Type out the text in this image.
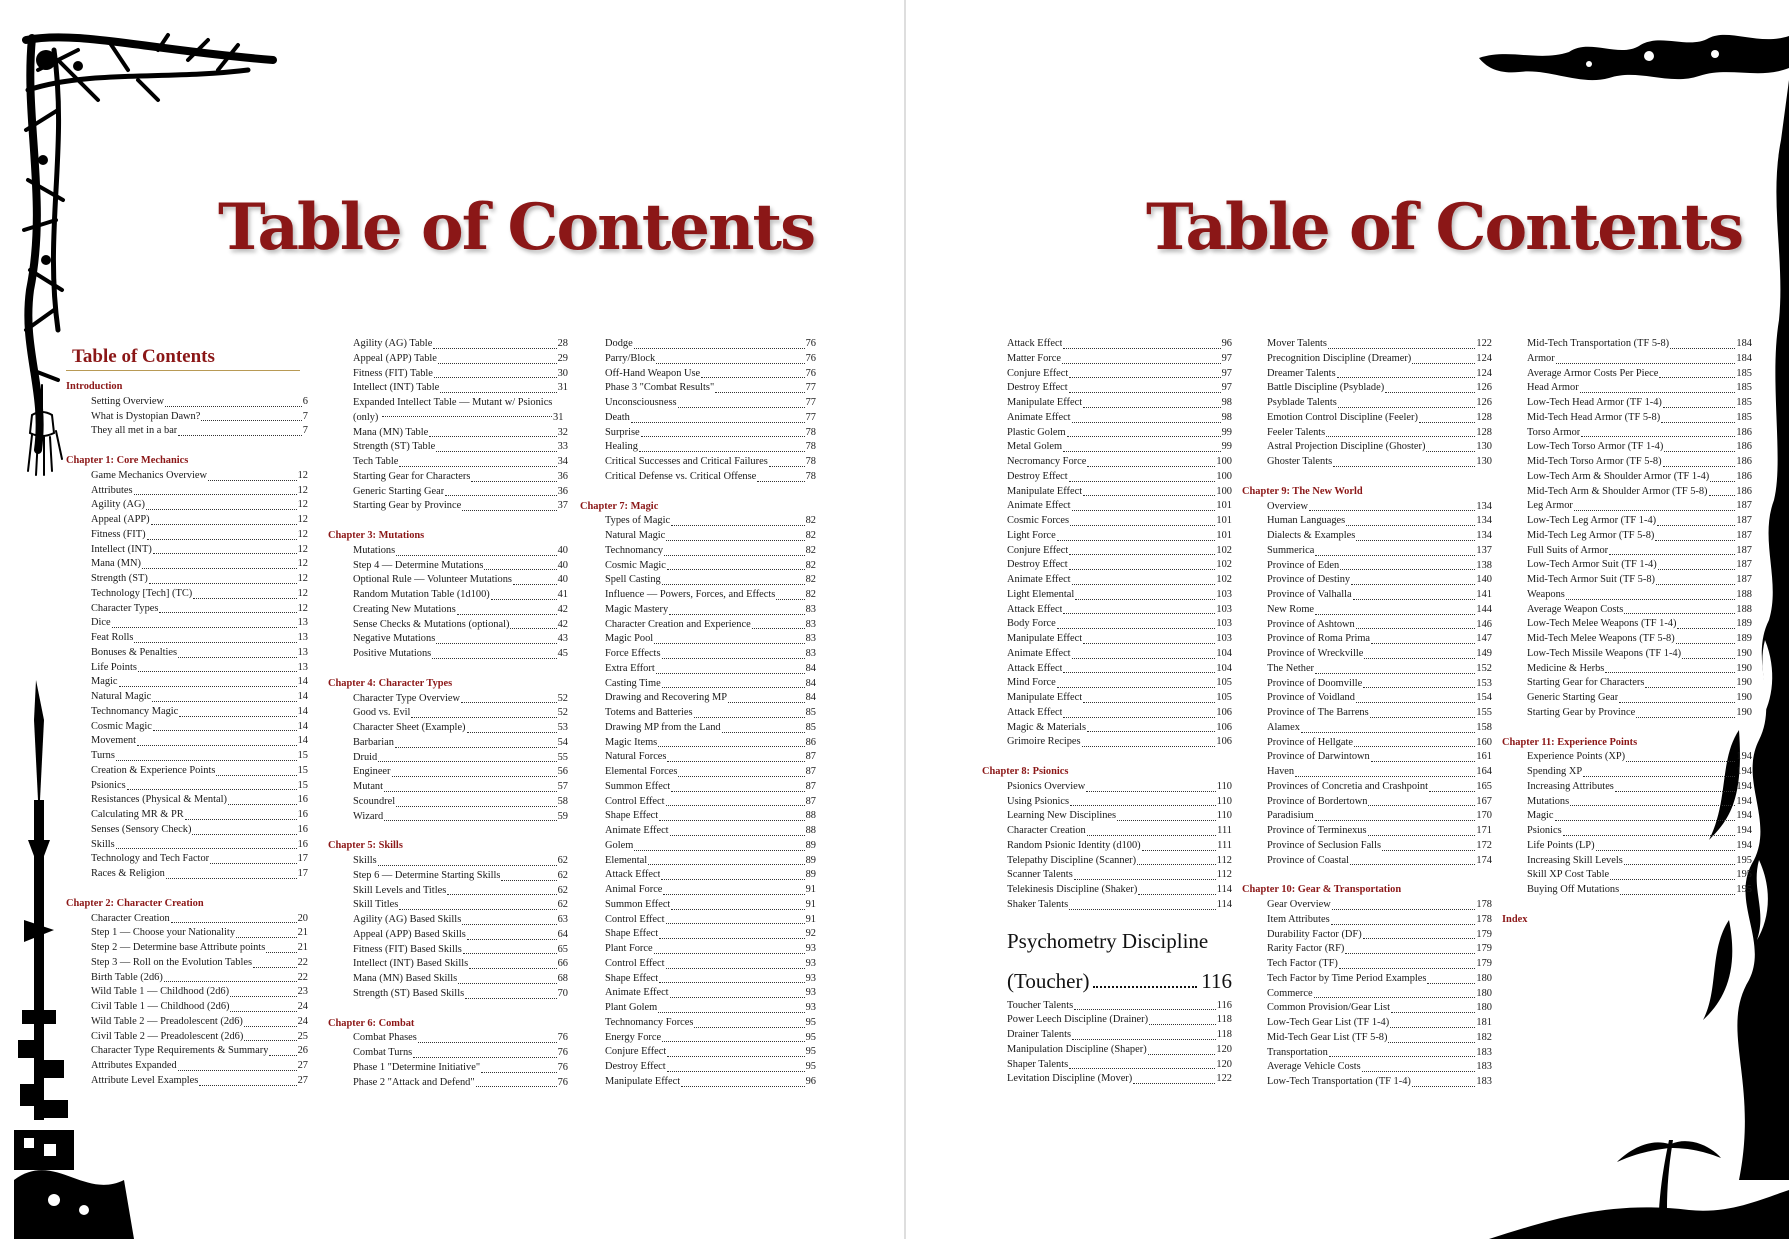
Table of Contents
Table of Contents
Introduction
Setting Overview	6
What is Dystopian Dawn?	7
They all met in a bar	7
Chapter 1: Core Mechanics
Game Mechanics Overview	12
Attributes	12
Agility (AG)	12
Appeal (APP)	12
Fitness (FIT)	12
Intellect (INT)	12
Mana (MN)	12
Strength (ST)	12
Technology [Tech] (TC)	12
Character Types	12
Dice	13
Feat Rolls	13
Bonuses & Penalties	13
Life Points	13
Magic	14
Natural Magic	14
Technomancy Magic	14
Cosmic Magic	14
Movement	14
Turns	15
Creation & Experience Points	15
Psionics	15
Resistances (Physical & Mental)	16
Calculating MR & PR	16
Senses (Sensory Check)	16
Skills	16
Technology and Tech Factor	17
Races & Religion	17
Chapter 2: Character Creation
Character Creation	20
Step 1 — Choose your Nationality	21
Step 2 — Determine base Attribute points	21
Step 3 — Roll on the Evolution Tables	22
Birth Table (2d6)	22
Wild Table 1 — Childhood (2d6)	23
Civil Table 1 — Childhood (2d6)	24
Wild Table 2 — Preadolescent (2d6)	24
Civil Table 2 — Preadolescent (2d6)	25
Character Type Requirements & Summary	26
Attributes Expanded	27
Attribute Level Examples	27
Agility (AG) Table	28
Appeal (APP) Table	29
Fitness (FIT) Table	30
Intellect (INT) Table	31
Expanded Intellect Table — Mutant w/ Psionics (only)	31
Mana (MN) Table	32
Strength (ST) Table	33
Tech Table	34
Starting Gear for Characters	36
Generic Starting Gear	36
Starting Gear by Province	37
Chapter 3: Mutations
Mutations	40
Step 4 — Determine Mutations	40
Optional Rule — Volunteer Mutations	40
Random Mutation Table (1d100)	41
Creating New Mutations	42
Sense Checks & Mutations (optional)	42
Negative Mutations	43
Positive Mutations	45
Chapter 4: Character Types
Character Type Overview	52
Good vs. Evil	52
Character Sheet (Example)	53
Barbarian	54
Druid	55
Engineer	56
Mutant	57
Scoundrel	58
Wizard	59
Chapter 5: Skills
Skills	62
Step 6 — Determine Starting Skills	62
Skill Levels and Titles	62
Skill Titles	62
Agility (AG) Based Skills	63
Appeal (APP) Based Skills	64
Fitness (FIT) Based Skills	65
Intellect (INT) Based Skills	66
Mana (MN) Based Skills	68
Strength (ST) Based Skills	70
Chapter 6: Combat
Combat Phases	76
Combat Turns	76
Phase 1 "Determine Initiative"	76
Phase 2 "Attack and Defend"	76
Dodge	76
Parry/Block	76
Off-Hand Weapon Use	76
Phase 3 "Combat Results"	77
Unconsciousness	77
Death	77
Surprise	78
Healing	78
Critical Successes and Critical Failures	78
Critical Defense vs. Critical Offense	78
Chapter 7: Magic
Types of Magic	82
Natural Magic	82
Technomancy	82
Cosmic Magic	82
Spell Casting	82
Influence — Powers, Forces, and Effects	82
Magic Mastery	83
Character Creation and Experience	83
Magic Pool	83
Force Effects	83
Extra Effort	84
Casting Time	84
Drawing and Recovering MP	84
Totems and Batteries	85
Drawing MP from the Land	85
Magic Items	86
Natural Forces	87
Elemental Forces	87
Summon Effect	87
Control Effect	87
Shape Effect	88
Animate Effect	88
Golem	89
Elemental	89
Attack Effect	89
Animal Force	91
Summon Effect	91
Control Effect	91
Shape Effect	92
Plant Force	93
Control Effect	93
Shape Effect	93
Animate Effect	93
Plant Golem	93
Technomancy Forces	95
Energy Force	95
Conjure Effect	95
Destroy Effect	95
Manipulate Effect	96
Table of Contents
Attack Effect	96
Matter Force	97
Conjure Effect	97
Destroy Effect	97
Manipulate Effect	98
Animate Effect	98
Plastic Golem	99
Metal Golem	99
Necromancy Force	100
Destroy Effect	100
Manipulate Effect	100
Animate Effect	101
Cosmic Forces	101
Light Force	101
Conjure Effect	102
Destroy Effect	102
Animate Effect	102
Light Elemental	103
Attack Effect	103
Body Force	103
Manipulate Effect	103
Animate Effect	104
Attack Effect	104
Mind Force	105
Manipulate Effect	105
Attack Effect	106
Magic & Materials	106
Grimoire Recipes	106
Chapter 8: Psionics
Psionics Overview	110
Using Psionics	110
Learning New Disciplines	110
Character Creation	111
Random Psionic Identity (d100)	111
Telepathy Discipline (Scanner)	112
Scanner Talents	112
Telekinesis Discipline (Shaker)	114
Shaker Talents	114
Psychometry Discipline
(Toucher)	116
Toucher Talents	116
Power Leech Discipline (Drainer)	118
Drainer Talents	118
Manipulation Discipline (Shaper)	120
Shaper Talents	120
Levitation Discipline (Mover)	122
Mover Talents	122
Precognition Discipline (Dreamer)	124
Dreamer Talents	124
Battle Discipline (Psyblade)	126
Psyblade Talents	126
Emotion Control Discipline (Feeler)	128
Feeler Talents	128
Astral Projection Discipline (Ghoster)	130
Ghoster Talents	130
Chapter 9: The New World
Overview	134
Human Languages	134
Dialects & Examples	134
Summerica	137
Province of Eden	138
Province of Destiny	140
Province of Valhalla	141
New Rome	144
Province of Ashtown	146
Province of Roma Prima	147
Province of Wreckville	149
The Nether	152
Province of Doomville	153
Province of Voidland	154
Province of The Barrens	155
Alamex	158
Province of Hellgate	160
Province of Darwintown	161
Haven	164
Provinces of Concretia and Crashpoint	165
Province of Bordertown	167
Paradisium	170
Province of Terminexus	171
Province of Seclusion Falls	172
Province of Coastal	174
Chapter 10: Gear & Transportation
Gear Overview	178
Item Attributes	178
Durability Factor (DF)	179
Rarity Factor (RF)	179
Tech Factor (TF)	179
Tech Factor by Time Period Examples	180
Commerce	180
Common Provision/Gear List	180
Low-Tech Gear List (TF 1-4)	181
Mid-Tech Gear List (TF 5-8)	182
Transportation	183
Average Vehicle Costs	183
Low-Tech Transportation (TF 1-4)	183
Mid-Tech Transportation (TF 5-8)	184
Armor	184
Average Armor Costs Per Piece	185
Head Armor	185
Low-Tech Head Armor (TF 1-4)	185
Mid-Tech Head Armor (TF 5-8)	185
Torso Armor	186
Low-Tech Torso Armor (TF 1-4)	186
Mid-Tech Torso Armor (TF 5-8)	186
Low-Tech Arm & Shoulder Armor (TF 1-4)	186
Mid-Tech Arm & Shoulder Armor (TF 5-8)	186
Leg Armor	187
Low-Tech Leg Armor (TF 1-4)	187
Mid-Tech Leg Armor (TF 5-8)	187
Full Suits of Armor	187
Low-Tech Armor Suit (TF 1-4)	187
Mid-Tech Armor Suit (TF 5-8)	187
Weapons	188
Average Weapon Costs	188
Low-Tech Melee Weapons (TF 1-4)	189
Mid-Tech Melee Weapons (TF 5-8)	189
Low-Tech Missile Weapons (TF 1-4)	190
Medicine & Herbs	190
Starting Gear for Characters	190
Generic Starting Gear	190
Starting Gear by Province	190
Chapter 11: Experience Points
Experience Points (XP)	194
Spending XP	194
Increasing Attributes	194
Mutations	194
Magic	194
Psionics	194
Life Points (LP)	194
Increasing Skill Levels	195
Skill XP Cost Table	195
Buying Off Mutations	195
Index
